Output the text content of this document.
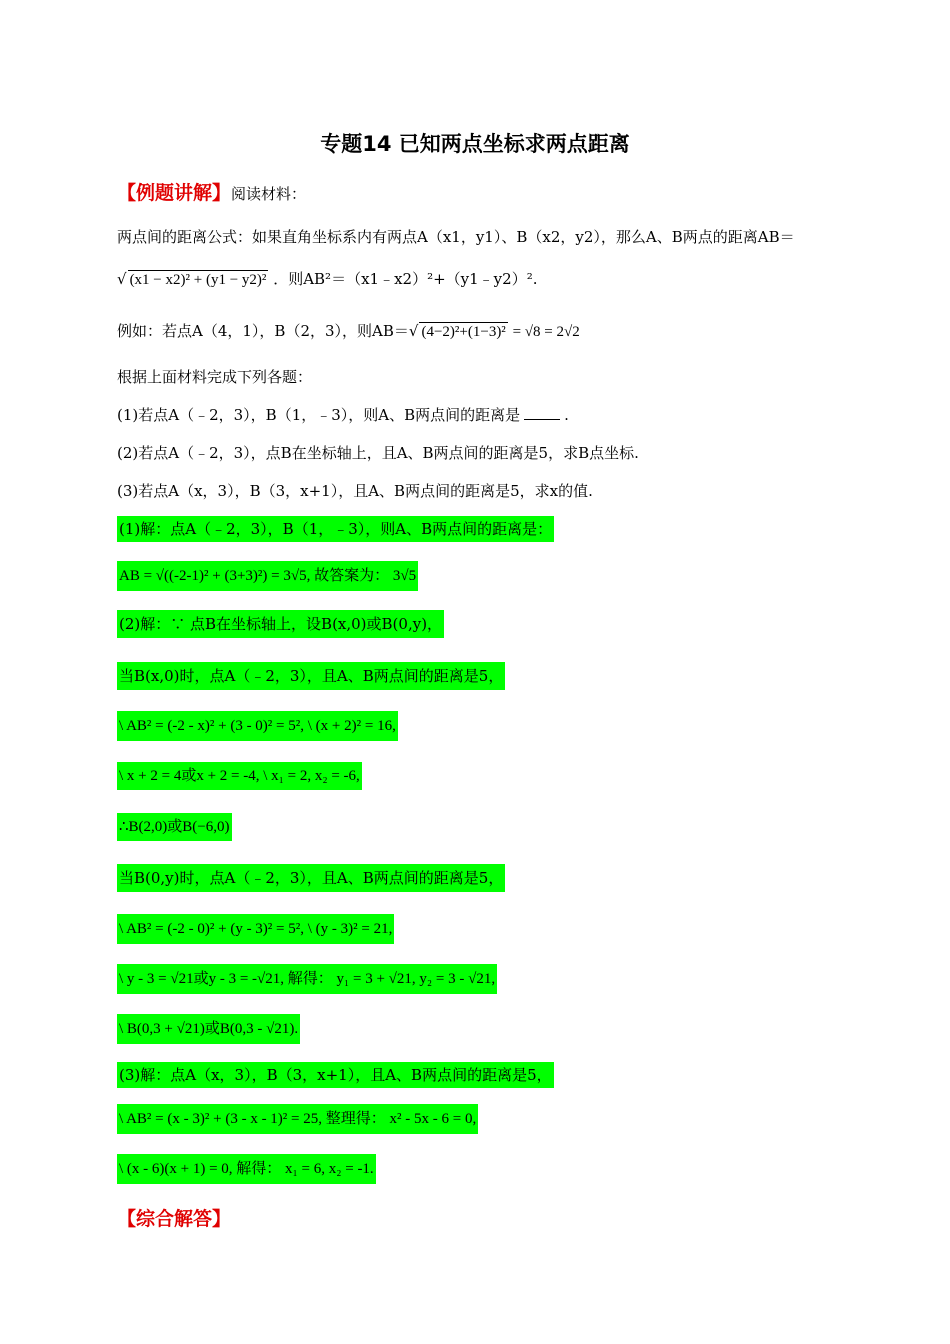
专题14 已知两点坐标求两点距离
【例题讲解】阅读材料：
两点间的距离公式：如果直角坐标系内有两点A（x1，y1）、B（x2，y2），那么A、B两点的距离AB＝
√ (x1 − x2)² + (y1 − y2)² ．则AB²＝（x1﹣x2）²+（y1﹣y2）².
例如：若点A（4，1），B（2，3），则AB＝√ (4−2)²+(1−3)² = √8 = 2√2
根据上面材料完成下列各题：
(1)若点A（﹣2，3），B（1，﹣3），则A、B两点间的距离是	.
(2)若点A（﹣2，3），点B在坐标轴上，且A、B两点间的距离是5，求B点坐标.
(3)若点A（x，3），B（3，x+1），且A、B两点间的距离是5，求x的值.
(1)解：点A（﹣2，3），B（1，﹣3），则A、B两点间的距离是：
AB = √((-2-1)² + (3+3)²) = 3√5, 故答案为： 3√5
(2)解：∵ 点B在坐标轴上，设B(x,0)或B(0,y)，
当B(x,0)时，点A（﹣2，3），且A、B两点间的距离是5，
\ AB² = (-2 - x)² + (3 - 0)² = 5², \ (x + 2)² = 16,
\ x + 2 = 4或x + 2 = -4, \ x₁ = 2, x₂ = -6,
∴B(2,0)或B(−6,0)
当B(0,y)时，点A（﹣2，3），且A、B两点间的距离是5，
\ AB² = (-2 - 0)² + (y - 3)² = 5², \ (y - 3)² = 21,
\ y - 3 = √21或y - 3 = -√21, 解得： y₁ = 3 + √21, y₂ = 3 - √21,
\ B(0,3 + √21)或B(0,3 - √21).
(3)解：点A（x，3），B（3，x+1），且A、B两点间的距离是5，
\ AB² = (x - 3)² + (3 - x - 1)² = 25, 整理得： x² - 5x - 6 = 0,
\ (x - 6)(x + 1) = 0, 解得： x₁ = 6, x₂ = -1.
【综合解答】
